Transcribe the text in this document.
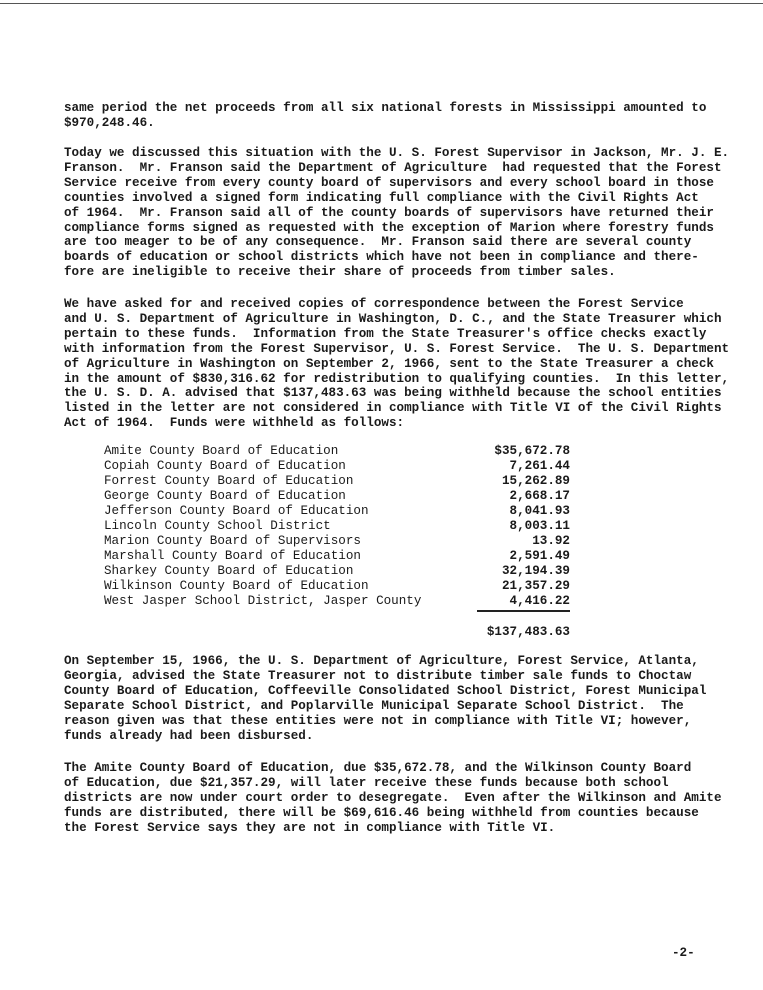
same period the net proceeds from all six national forests in Mississippi amounted to
$970,248.46.

Today we discussed this situation with the U. S. Forest Supervisor in Jackson, Mr. J. E.
Franson.  Mr. Franson said the Department of Agriculture  had requested that the Forest
Service receive from every county board of supervisors and every school board in those
counties involved a signed form indicating full compliance with the Civil Rights Act
of 1964.  Mr. Franson said all of the county boards of supervisors have returned their
compliance forms signed as requested with the exception of Marion where forestry funds
are too meager to be of any consequence.  Mr. Franson said there are several county
boards of education or school districts which have not been in compliance and there-
fore are ineligible to receive their share of proceeds from timber sales.

We have asked for and received copies of correspondence between the Forest Service
and U. S. Department of Agriculture in Washington, D. C., and the State Treasurer which
pertain to these funds.  Information from the State Treasurer's office checks exactly
with information from the Forest Supervisor, U. S. Forest Service.  The U. S. Department
of Agriculture in Washington on September 2, 1966, sent to the State Treasurer a check
in the amount of $830,316.62 for redistribution to qualifying counties.  In this letter,
the U. S. D. A. advised that $137,483.63 was being withheld because the school entities
listed in the letter are not considered in compliance with Title VI of the Civil Rights
Act of 1964.  Funds were withheld as follows:

Amite County Board of Education	$35,672.78
Copiah County Board of Education	7,261.44
Forrest County Board of Education	15,262.89
George County Board of Education	2,668.17
Jefferson County Board of Education	8,041.93
Lincoln County School District	8,003.11
Marion County Board of Supervisors	13.92
Marshall County Board of Education	2,591.49
Sharkey County Board of Education	32,194.39
Wilkinson County Board of Education	21,357.29
West Jasper School District, Jasper County	4,416.22
$137,483.63

On September 15, 1966, the U. S. Department of Agriculture, Forest Service, Atlanta,
Georgia, advised the State Treasurer not to distribute timber sale funds to Choctaw
County Board of Education, Coffeeville Consolidated School District, Forest Municipal
Separate School District, and Poplarville Municipal Separate School District.  The
reason given was that these entities were not in compliance with Title VI; however,
funds already had been disbursed.

The Amite County Board of Education, due $35,672.78, and the Wilkinson County Board
of Education, due $21,357.29, will later receive these funds because both school
districts are now under court order to desegregate.  Even after the Wilkinson and Amite
funds are distributed, there will be $69,616.46 being withheld from counties because
the Forest Service says they are not in compliance with Title VI.

-2-
